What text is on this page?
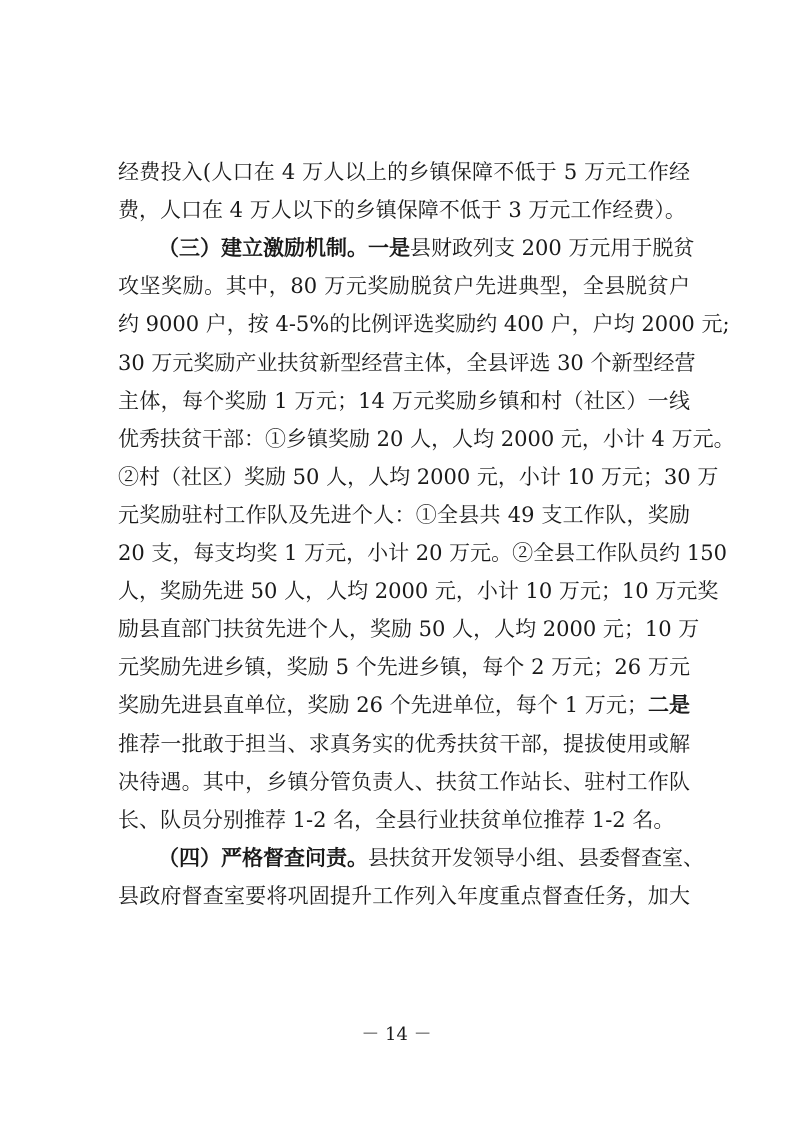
经费投入(人口在 4 万人以上的乡镇保障不低于 5 万元工作经
费，人口在 4 万人以下的乡镇保障不低于 3 万元工作经费）。
（三）建立激励机制。一是县财政列支 200 万元用于脱贫
攻坚奖励。其中，80 万元奖励脱贫户先进典型，全县脱贫户
约 9000 户，按 4-5%的比例评选奖励约 400 户，户均 2000 元;
30 万元奖励产业扶贫新型经营主体，全县评选 30 个新型经营
主体，每个奖励 1 万元；14 万元奖励乡镇和村（社区）一线
优秀扶贫干部：①乡镇奖励 20 人，人均 2000 元，小计 4 万元。
②村（社区）奖励 50 人，人均 2000 元，小计 10 万元；30 万
元奖励驻村工作队及先进个人：①全县共 49 支工作队，奖励
20 支，每支均奖 1 万元，小计 20 万元。②全县工作队员约 150
人，奖励先进 50 人，人均 2000 元，小计 10 万元；10 万元奖
励县直部门扶贫先进个人，奖励 50 人，人均 2000 元；10 万
元奖励先进乡镇，奖励 5 个先进乡镇，每个 2 万元；26 万元
奖励先进县直单位，奖励 26 个先进单位，每个 1 万元；二是
推荐一批敢于担当、求真务实的优秀扶贫干部，提拔使用或解
决待遇。其中，乡镇分管负责人、扶贫工作站长、驻村工作队
长、队员分别推荐 1-2 名，全县行业扶贫单位推荐 1-2 名。
（四）严格督查问责。县扶贫开发领导小组、县委督查室、
县政府督查室要将巩固提升工作列入年度重点督查任务，加大
－ 14 －
